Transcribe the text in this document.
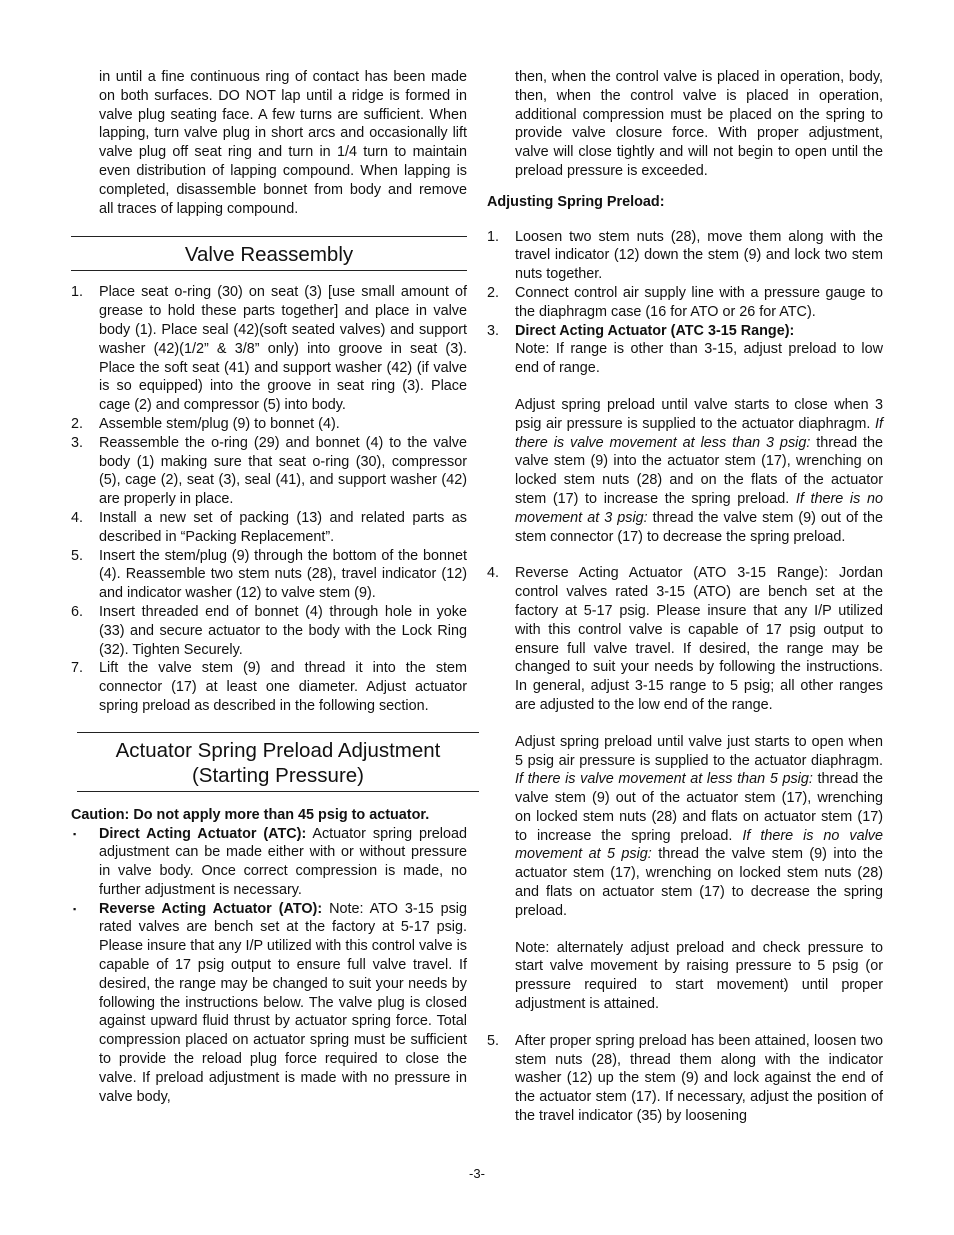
in until a fine continuous ring of contact has been made on both surfaces. DO NOT lap until a ridge is formed in valve plug seating face. A few turns are sufficient. When lapping, turn valve plug in short arcs and occasionally lift valve plug off seat ring and turn in 1/4 turn to maintain even distribution of lapping compound. When lapping is completed, disassemble bonnet from body and remove all traces of lapping compound.

Valve Reassembly
1.	Place seat o-ring (30) on seat (3) [use small amount of grease to hold these parts together] and place in valve body (1). Place seal (42)(soft seated valves) and support washer (42)(1/2” & 3/8” only) into groove in seat (3). Place the soft seat (41) and support washer (42) (if valve is so equipped) into the groove in seat ring (3). Place cage (2) and compressor (5) into body.
2.	Assemble stem/plug (9) to bonnet (4).
3.	Reassemble the o-ring (29) and bonnet (4) to the valve body (1) making sure that seat o-ring (30), compressor (5), cage (2), seat (3), seal (41), and support washer (42) are properly in place.
4.	Install a new set of packing (13) and related parts as described in “Packing Replacement”.
5.	Insert the stem/plug (9) through the bottom of the bonnet (4). Reassemble two stem nuts (28), travel indicator (12) and indicator washer (12) to valve stem (9).
6.	Insert threaded end of bonnet (4) through hole in yoke (33) and secure actuator to the body with the Lock Ring (32). Tighten Securely.
7.	Lift the valve stem (9) and thread it into the stem connector (17) at least one diameter. Adjust actuator spring preload as described in the following section.
Actuator Spring Preload Adjustment
(Starting Pressure)

Caution: Do not apply more than 45 psig to actuator.

▪	Direct Acting Actuator (ATC): Actuator spring preload adjustment can be made either with or without pressure in valve body. Once correct compression is made, no further adjustment is necessary.
▪	Reverse Acting Actuator (ATO): Note: ATO 3-15 psig rated valves are bench set at the factory at 5-17 psig. Please insure that any I/P utilized with this control valve is capable of 17 psig output to ensure full valve travel. If desired, the range may be changed to suit your needs by following the instructions below. The valve plug is closed against upward fluid thrust by actuator spring force. Total compression placed on actuator spring must be sufficient to provide the reload plug force required to close the valve. If preload adjustment is made with no pressure in valve body,

then, when the control valve is placed in operation, body, then, when the control valve is placed in operation, additional compression must be placed on the spring to provide valve closure force. With proper adjustment, valve will close tightly and will not begin to open until the preload pressure is exceeded.

Adjusting Spring Preload:

1.	Loosen two stem nuts (28), move them along with the travel indicator (12) down the stem (9) and lock two stem nuts together.
2.	Connect control air supply line with a pressure gauge to the diaphragm case (16 for ATO or 26 for ATC).
3.	Direct Acting Actuator (ATC 3-15 Range):

Note: If range is other than 3-15, adjust preload to low end of range.

Adjust spring preload until valve starts to close when 3 psig air pressure is supplied to the actuator diaphragm. If there is valve movement at less than 3 psig: thread the valve stem (9) into the actuator stem (17), wrenching on locked stem nuts (28) and on the flats of the actuator stem (17) to increase the spring preload. If there is no movement at 3 psig: thread the valve stem (9) out of the stem connector (17) to decrease the spring preload.

4.	Reverse Acting Actuator (ATO 3-15 Range): Jordan control valves rated 3-15 (ATO) are bench set at the factory at 5-17 psig. Please insure that any I/P utilized with this control valve is capable of 17 psig output to ensure full valve travel. If desired, the range may be changed to suit your needs by following the instructions. In general, adjust 3-15 range to 5 psig; all other ranges are adjusted to the low end of the range.

Adjust spring preload until valve just starts to open when 5 psig air pressure is supplied to the actuator diaphragm. If there is valve movement at less than 5 psig: thread the valve stem (9) out of the actuator stem (17), wrenching on locked stem nuts (28) and flats on actuator stem (17) to increase the spring preload. If there is no valve movement at 5 psig: thread the valve stem (9) into the actuator stem (17), wrenching on locked stem nuts (28) and flats on actuator stem (17) to decrease the spring preload.

Note: alternately adjust preload and check pressure to start valve movement by raising pressure to 5 psig (or pressure required to start movement) until proper adjustment is attained.

5.	After proper spring preload has been attained, loosen two stem nuts (28), thread them along with the indicator washer (12) up the stem (9) and lock against the end of the actuator stem (17). If necessary, adjust the position of the travel indicator (35) by loosening
-3-
